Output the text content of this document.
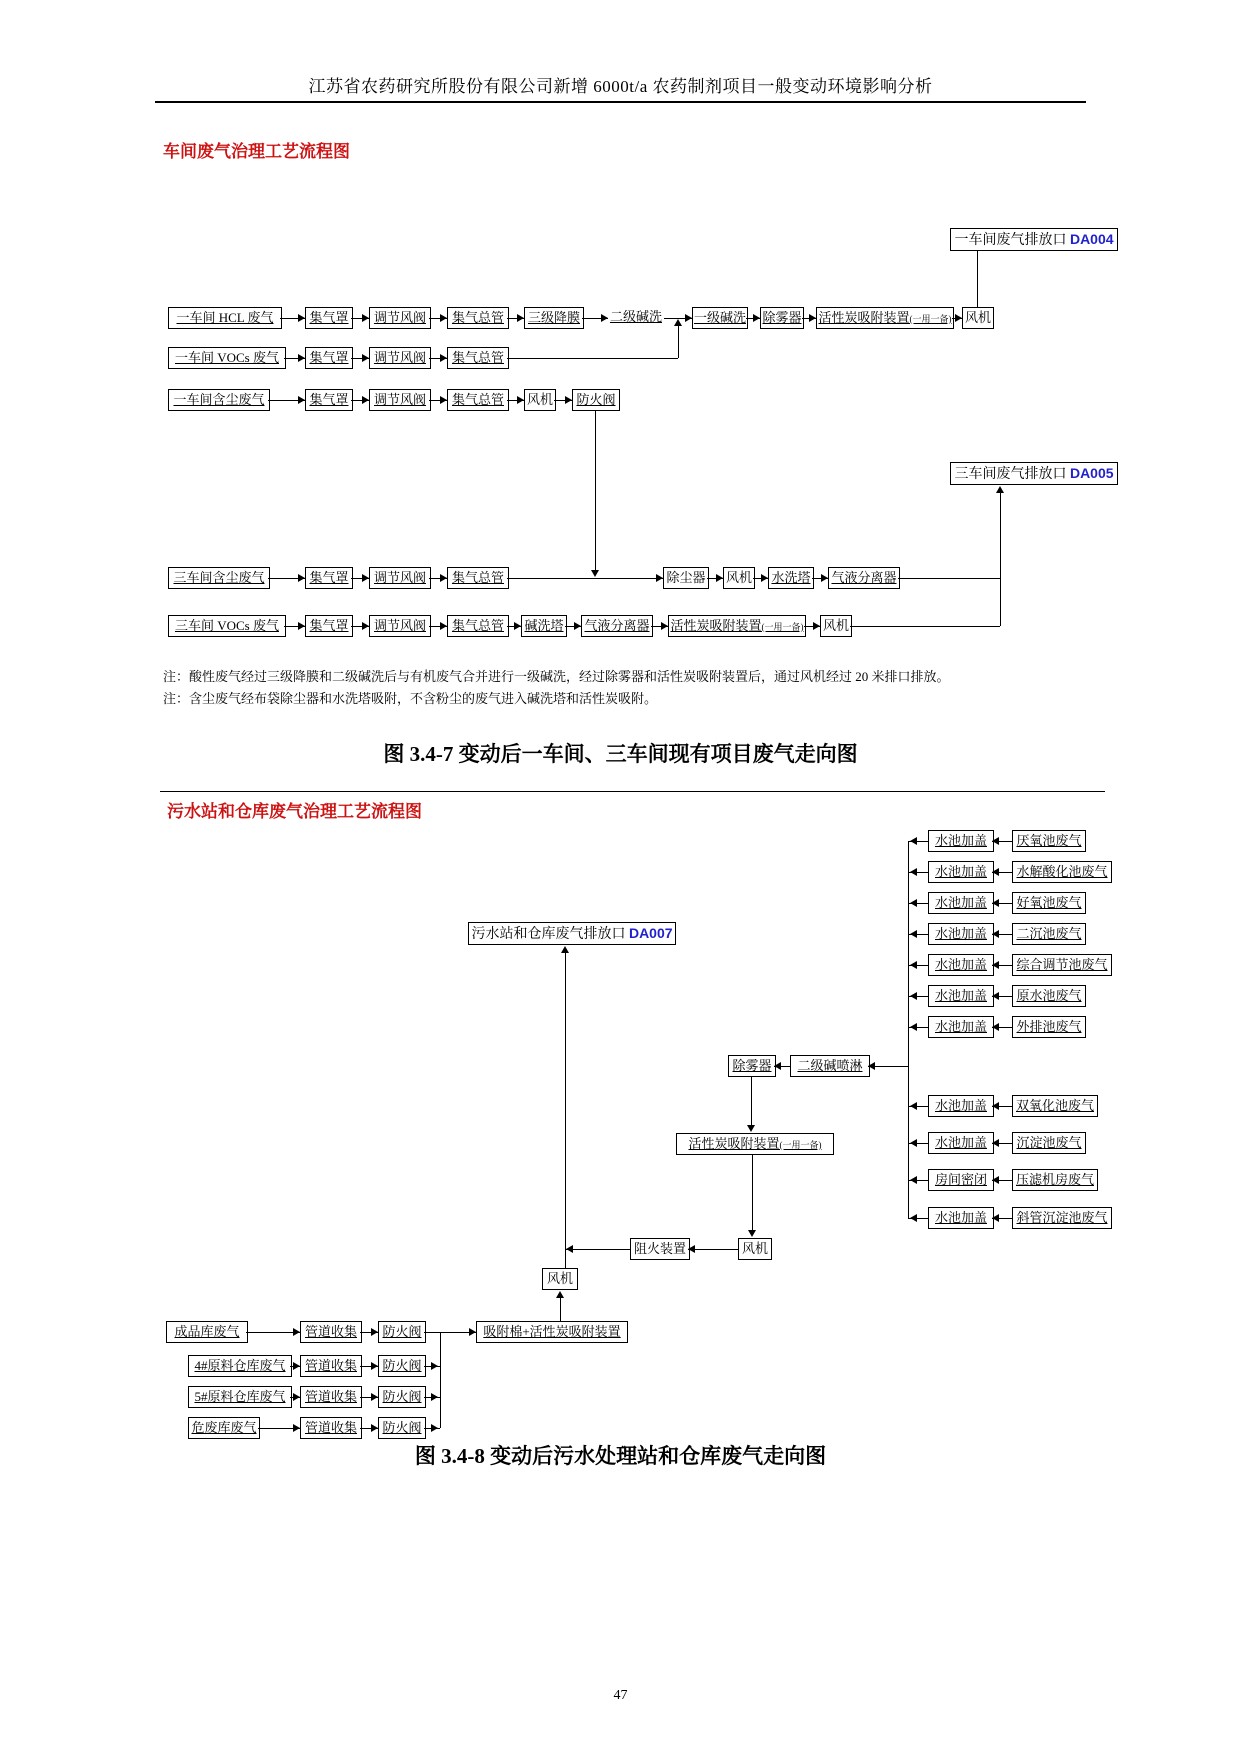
江苏省农药研究所股份有限公司新增 6000t/a 农药制剂项目一般变动环境影响分析
车间废气治理工艺流程图
注：酸性废气经过三级降膜和二级碱洗后与有机废气合并进行一级碱洗，经过除雾器和活性炭吸附装置后，通过风机经过 20 米排口排放。
注：含尘废气经布袋除尘器和水洗塔吸附，不含粉尘的废气进入碱洗塔和活性炭吸附。
图 3.4-7 变动后一车间、三车间现有项目废气走向图
污水站和仓库废气治理工艺流程图
一车间 HCL 废气	集气罩	调节风阀	集气总管	三级降膜	二级碱洗 一级碱洗 除雾器 活性炭吸附装置(一用一备) 风机
一车间 VOCs 废气	集气罩	调节风阀	集气总管
一车间含尘废气	集气罩	调节风阀	集气总管	风机	防火阀
三车间含尘废气	集气罩	调节风阀	集气总管	除尘器 风机 水洗塔 气液分离器
三车间 VOCs 废气	集气罩	调节风阀	集气总管	碱洗塔 气液分离器 活性炭吸附装置(一用一备) 风机
一车间废气排放口 DA004
三车间废气排放口 DA005
除雾器	二级碱喷淋
活性炭吸附装置(一用一备)
风机
阻火装置
风机
吸附棉+活性炭吸附装置
水池加盖	厌氧池废气
水池加盖	水解酸化池废气
水池加盖	好氧池废气
水池加盖	二沉池废气
水池加盖	综合调节池废气
水池加盖	原水池废气
水池加盖	外排池废气
水池加盖	双氧化池废气
水池加盖	沉淀池废气
房间密闭	压滤机房废气
水池加盖	斜管沉淀池废气
成品库废气	管道收集	防火阀
4#原料仓库废气	管道收集	防火阀
5#原料仓库废气	管道收集	防火阀
危废库废气	管道收集	防火阀
污水站和仓库废气排放口 DA007
图 3.4-8 变动后污水处理站和仓库废气走向图
47
